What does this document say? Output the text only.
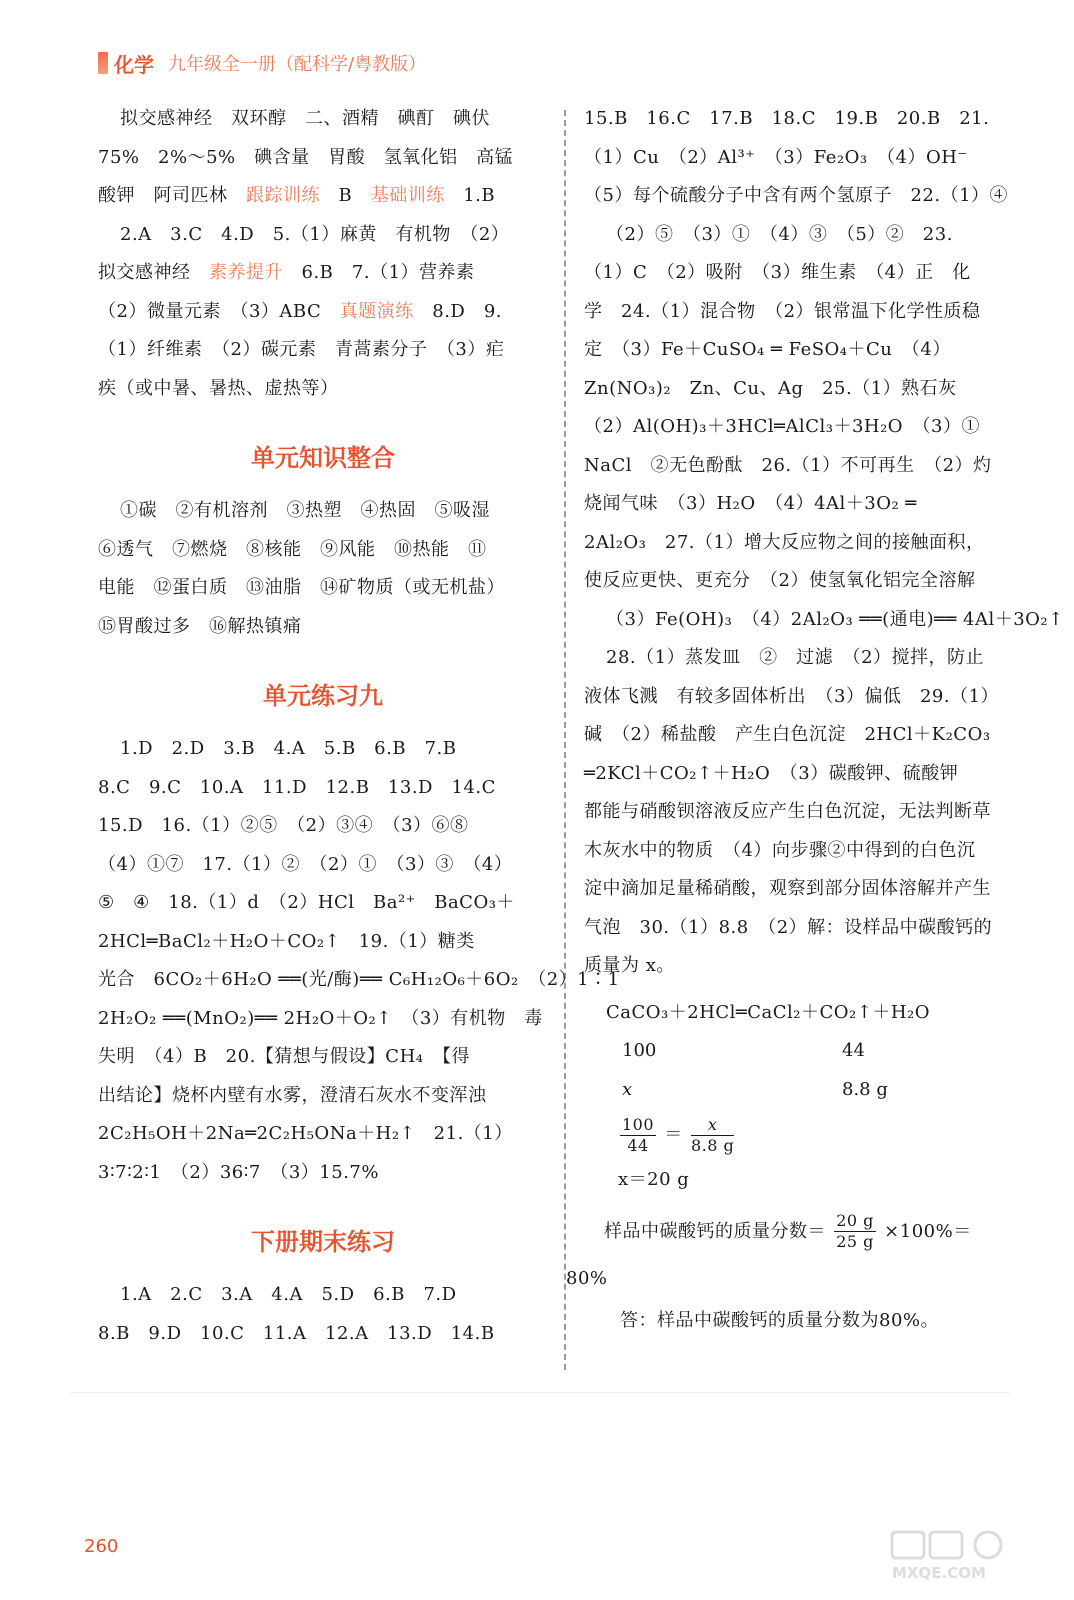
化学 九年级全一册（配科学/粤教版）
拟交感神经　双环醇　二、酒精　碘酊　碘伏
75%　2%～5%　碘含量　胃酸　氢氧化铝　高锰
酸钾　阿司匹林　跟踪训练　B　基础训练　1.B
2.A　3.C　4.D　5.（1）麻黄　有机物　（2）
拟交感神经　素养提升　6.B　7.（1）营养素
（2）微量元素　（3）ABC　真题演练　8.D　9.
（1）纤维素　（2）碳元素　青蒿素分子　（3）疟
疾（或中暑、暑热、虚热等）
单元知识整合
①碳　②有机溶剂　③热塑　④热固　⑤吸湿
⑥透气　⑦燃烧　⑧核能　⑨风能　⑩热能　⑪
电能　⑫蛋白质　⑬油脂　⑭矿物质（或无机盐）
⑮胃酸过多　⑯解热镇痛
单元练习九
1.D　2.D　3.B　4.A　5.B　6.B　7.B
8.C　9.C　10.A　11.D　12.B　13.D　14.C
15.D　16.（1）②⑤　（2）③④　（3）⑥⑧
（4）①⑦　17.（1）②　（2）①　（3）③　（4）
⑤　④　18.（1）d　（2）HCl　Ba²⁺　BaCO₃＋
2HCl═BaCl₂＋H₂O＋CO₂↑　19.（1）糖类
光合　6CO₂＋6H₂O ══(光/酶)══ C₆H₁₂O₆＋6O₂　（2）1∶1
2H₂O₂ ══(MnO₂)══ 2H₂O＋O₂↑　（3）有机物　毒
失明　（4）B　20.【猜想与假设】CH₄　【得
出结论】烧杯内壁有水雾，澄清石灰水不变浑浊
2C₂H₅OH＋2Na═2C₂H₅ONa＋H₂↑　21.（1）
3∶7∶2∶1　（2）36∶7　（3）15.7%
下册期末练习
1.A　2.C　3.A　4.A　5.D　6.B　7.D
8.B　9.D　10.C　11.A　12.A　13.D　14.B
15.B　16.C　17.B　18.C　19.B　20.B　21.
（1）Cu　（2）Al³⁺　（3）Fe₂O₃　（4）OH⁻
（5）每个硫酸分子中含有两个氢原子　22.（1）④
（2）⑤　（3）①　（4）③　（5）②　23.
（1）C　（2）吸附　（3）维生素　（4）正　化
学　24.（1）混合物　（2）银常温下化学性质稳
定　（3）Fe＋CuSO₄ ═ FeSO₄＋Cu　（4）
Zn(NO₃)₂　Zn、Cu、Ag　25.（1）熟石灰
（2）Al(OH)₃＋3HCl═AlCl₃＋3H₂O　（3）①
NaCl　②无色酚酞　26.（1）不可再生　（2）灼
烧闻气味　（3）H₂O　（4）4Al＋3O₂ ═
2Al₂O₃　27.（1）增大反应物之间的接触面积，
使反应更快、更充分　（2）使氢氧化铝完全溶解
（3）Fe(OH)₃　（4）2Al₂O₃ ══(通电)══ 4Al＋3O₂↑
28.（1）蒸发皿　②　过滤　（2）搅拌，防止
液体飞溅　有较多固体析出　（3）偏低　29.（1）
碱　（2）稀盐酸　产生白色沉淀　2HCl＋K₂CO₃
═2KCl＋CO₂↑＋H₂O　（3）碳酸钾、硫酸钾
都能与硝酸钡溶液反应产生白色沉淀，无法判断草
木灰水中的物质　（4）向步骤②中得到的白色沉
淀中滴加足量稀硝酸，观察到部分固体溶解并产生
气泡　30.（1）8.8　（2）解：设样品中碳酸钙的
质量为 x。
CaCO₃＋2HCl═CaCl₂＋CO₂↑＋H₂O
100	44
x	8.8 g
$\frac{100}{44} = \frac{x}{8.8 g}$
x＝20 g
样品中碳酸钙的质量分数＝ $\frac{20 g}{25 g} \times 100\%=$
80%
答：样品中碳酸钙的质量分数为80%。
260
MXQE.COM
